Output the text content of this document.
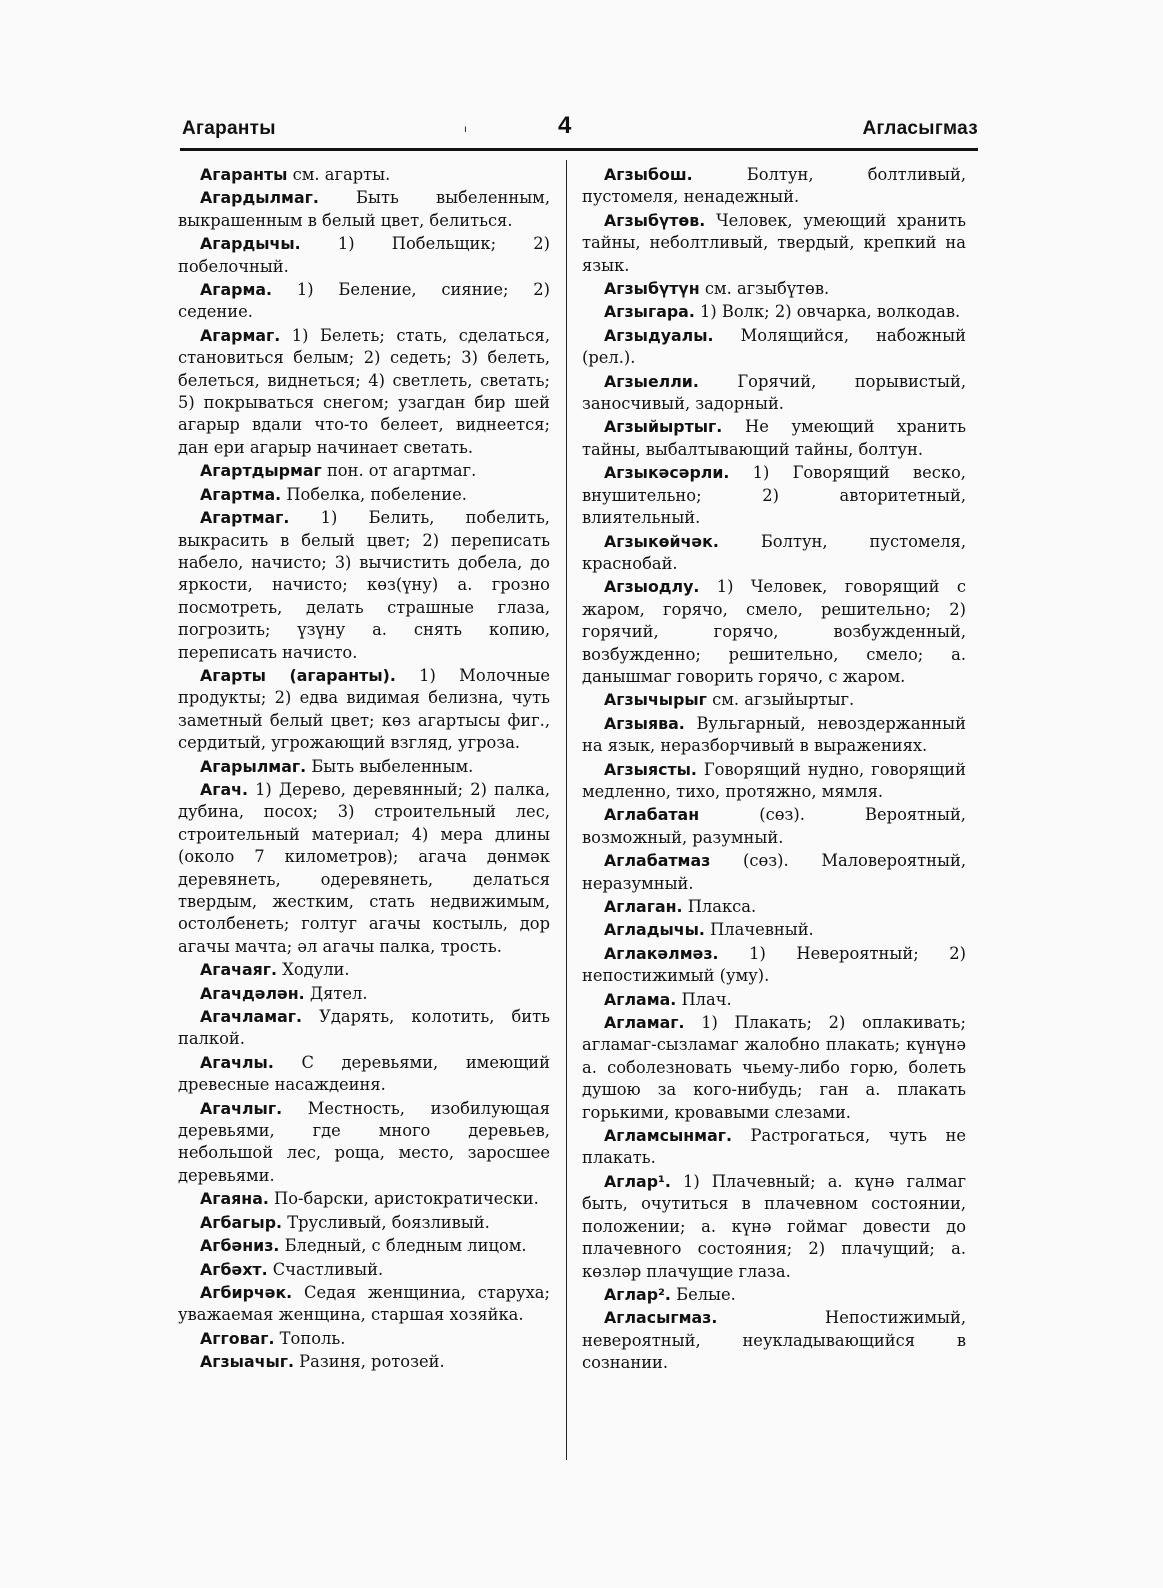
Агаранты	ı	4	Агласыгмаз

Агаранты см. агарты.

Агардылмаг. Быть выбеленным, выкрашенным в белый цвет, белиться.

Агардычы. 1) Побельщик; 2) побелочный.

Агарма. 1) Беление, сияние; 2) седение.

Агармаг. 1) Белеть; стать, сделаться, становиться белым; 2) седеть; 3) белеть, белеться, виднеться; 4) светлеть, светать; 5) покрываться снегом; узагдан бир шей агарыр вдали что-то белеет, виднеется; дан ери агарыр начинает светать.

Агартдырмаг пон. от агартмаг.

Агартма. Побелка, побеление.

Агартмаг. 1) Белить, побелить, выкрасить в белый цвет; 2) переписать набело, начисто; 3) вычистить добела, до яркости, начисто; көз(үну) а. грозно посмотреть, делать страшные глаза, погрозить; үзүну а. снять копию, переписать начисто.

Агарты (агаранты). 1) Молочные продукты; 2) едва видимая белизна, чуть заметный белый цвет; көз агартысы фиг., сердитый, угрожающий взгляд, угроза.

Агарылмаг. Быть выбеленным.

Агач. 1) Дерево, деревянный; 2) палка, дубина, посох; 3) строительный лес, строительный материал; 4) мера длины (около 7 километров); агача дөнмәк деревянеть, одеревянеть, делаться твердым, жестким, стать недвижимым, остолбенеть; голтуг агачы костыль, дор агачы мачта; әл агачы палка, трость.

Агачаяг. Ходули.

Агачдәлән. Дятел.

Агачламаг. Ударять, колотить, бить палкой.

Агачлы. С деревьями, имеющий древесные насаждеиня.

Агачлыг. Местность, изобилующая деревьями, где много деревьев, небольшой лес, роща, место, заросшее деревьями.

Агаяна. По-барски, аристократически.

Агбагыр. Трусливый, боязливый.

Агбәниз. Бледный, с бледным лицом.

Агбәхт. Счастливый.

Агбирчәк. Седая женщиниа, старуха; уважаемая женщина, старшая хозяйка.

Агговаг. Тополь.

Агзыачыг. Разиня, ротозей.

Агзыбош. Болтун, болтливый, пустомеля, ненадежный.

Агзыбүтөв. Человек, умеющий хранить тайны, неболтливый, твердый, крепкий на язык.

Агзыбүтүн см. агзыбүтөв.

Агзыгара. 1) Волк; 2) овчарка, волкодав.

Агзыдуалы. Молящийся, набожный (рел.).

Агзыелли. Горячий, порывистый, заносчивый, задорный.

Агзыйыртыг. Не умеющий хранить тайны, выбалтывающий тайны, болтун.

Агзыкәсәрли. 1) Говорящий веско, внушительно; 2) авторитетный, влиятельный.

Агзыкөйчәк. Болтун, пустомеля, краснобай.

Агзыодлу. 1) Человек, говорящий с жаром, горячо, смело, решительно; 2) горячий, горячо, возбужденный, возбужденно; решительно, смело; а. данышмаг говорить горячо, с жаром.

Агзычырыг см. агзыйыртыг.

Агзыява. Вульгарный, невоздержанный на язык, неразборчивый в выражениях.

Агзыясты. Говорящий нудно, говорящий медленно, тихо, протяжно, мямля.

Аглабатан (сөз). Вероятный, возможный, разумный.

Аглабатмаз (сөз). Маловероятный, неразумный.

Аглаган. Плакса.

Агладычы. Плачевный.

Аглакәлмәз. 1) Невероятный; 2) непостижимый (уму).

Аглама. Плач.

Агламаг. 1) Плакать; 2) оплакивать; агламаг-сызламаг жалобно плакать; күнүнә а. соболезновать чьему-либо горю, болеть душою за кого-нибудь; ган а. плакать горькими, кровавыми слезами.

Агламсынмаг. Растрогаться, чуть не плакать.

Аглар¹. 1) Плачевный; а. күнә галмаг быть, очутиться в плачевном состоянии, положении; а. күнә гоймаг довести до плачевного состояния; 2) плачущий; а. көзләр плачущие глаза.

Аглар². Белые.

Агласыгмаз. Непостижимый, невероятный, неукладывающийся в сознании.
